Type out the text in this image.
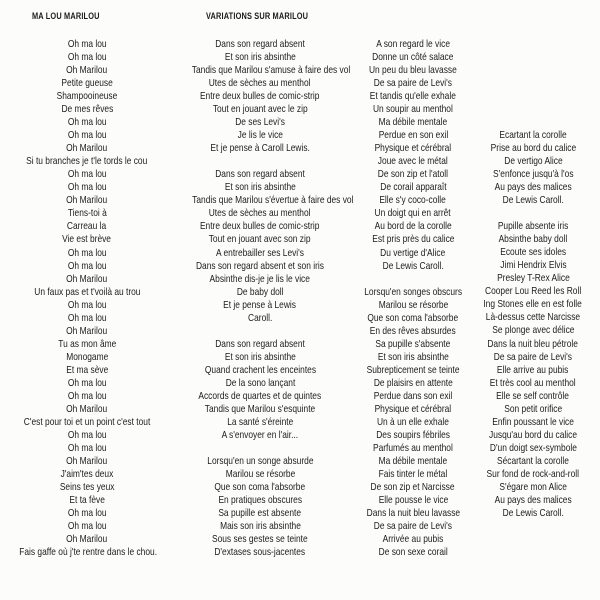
MA LOU MARILOU	VARIATIONS SUR MARILOU
Oh ma lou
Oh ma lou
Oh Marilou
Petite gueuse
Shampooineuse
De mes rêves
Oh ma lou
Oh ma lou
Oh Marilou
Si tu branches je t'le tords le cou
Oh ma lou
Oh ma lou
Oh Marilou
Tiens-toi à
Carreau la
Vie est brève
Oh ma lou
Oh ma lou
Oh Marilou
Un faux pas et t'voilà au trou
Oh ma lou
Oh ma lou
Oh Marilou
Tu as mon âme
Monogame
Et ma sève
Oh ma lou
Oh ma lou
Oh Marilou
C'est pour toi et un point c'est tout
Oh ma lou
Oh ma lou
Oh Marilou
J'aim'tes deux
Seins tes yeux
Et ta fève
Oh ma lou
Oh ma lou
Oh Marilou
Fais gaffe où j'te rentre dans le chou.
Dans son regard absent
Et son iris absinthe
Tandis que Marilou s'amuse à faire des vol
Utes de sèches au menthol
Entre deux bulles de comic-strip
Tout en jouant avec le zip
De ses Levi's
Je lis le vice
Et je pense à Caroll Lewis.
Dans son regard absent
Et son iris absinthe
Tandis que Marilou s'évertue à faire des vol
Utes de sèches au menthol
Entre deux bulles de comic-strip
Tout en jouant avec son zip
A entrebailler ses Levi's
Dans son regard absent et son iris
Absinthe dis-je je lis le vice
De baby doll
Et je pense à Lewis
Caroll.
Dans son regard absent
Et son iris absinthe
Quand crachent les enceintes
De la sono lançant
Accords de quartes et de quintes
Tandis que Marilou s'esquinte
La santé s'éreinte
A s'envoyer en l'air...
Lorsqu'en un songe absurde
Marilou se résorbe
Que son coma l'absorbe
En pratiques obscures
Sa pupille est absente
Mais son iris absinthe
Sous ses gestes se teinte
D'extases sous-jacentes
A son regard le vice
Donne un côté salace
Un peu du bleu lavasse
De sa paire de Levi's
Et tandis qu'elle exhale
Un soupir au menthol
Ma débile mentale
Perdue en son exil
Physique et cérébral
Joue avec le métal
De son zip et l'atoll
De corail apparaît
Elle s'y coco-colle
Un doigt qui en arrêt
Au bord de la corolle
Est pris près du calice
Du vertige d'Alice
De Lewis Caroll.
Lorsqu'en songes obscurs
Marilou se résorbe
Que son coma l'absorbe
En des rêves absurdes
Sa pupille s'absente
Et son iris absinthe
Subrepticement se teinte
De plaisirs en attente
Perdue dans son exil
Physique et cérébral
Un à un elle exhale
Des soupirs fébriles
Parfumés au menthol
Ma débile mentale
Fais tinter le métal
De son zip et Narcisse
Elle pousse le vice
Dans la nuit bleu lavasse
De sa paire de Levi's
Arrivée au pubis
De son sexe corail
Ecartant la corolle
Prise au bord du calice
De vertigo Alice
S'enfonce jusqu'à l'os
Au pays des malices
De Lewis Caroll.
Pupille absente iris
Absinthe baby doll
Ecoute ses idoles
Jimi Hendrix Elvis
Presley T-Rex Alice
Cooper Lou Reed les Roll
Ing Stones elle en est folle
Là-dessus cette Narcisse
Se plonge avec délice
Dans la nuit bleu pétrole
De sa paire de Levi's
Elle arrive au pubis
Et très cool au menthol
Elle se self contrôle
Son petit orifice
Enfin poussant le vice
Jusqu'au bord du calice
D'un doigt sex-symbole
Sécartant la corolle
Sur fond de rock-and-roll
S'égare mon Alice
Au pays des malices
De Lewis Caroll.
